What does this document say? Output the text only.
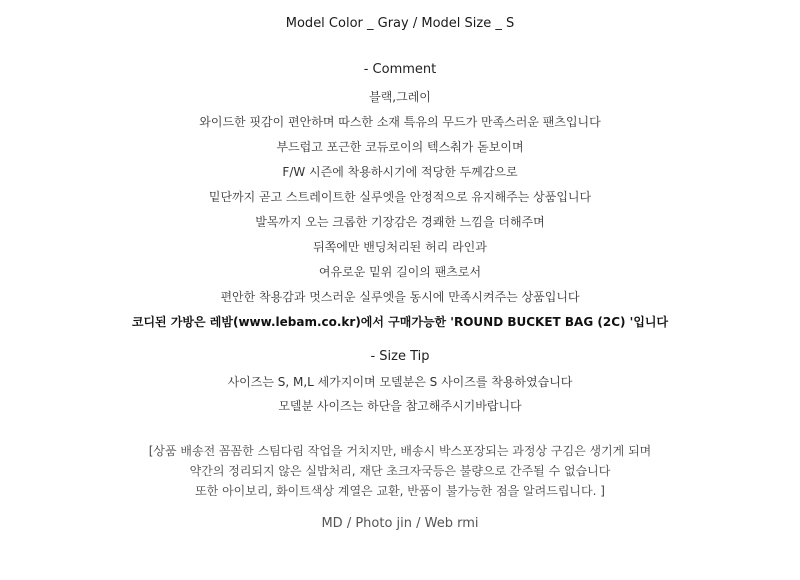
Model Color _ Gray / Model Size _ S
- Comment
블랙,그레이
와이드한 핏감이 편안하며 따스한 소재 특유의 무드가 만족스러운 팬츠입니다
부드럽고 포근한 코듀로이의 텍스춰가 돋보이며
F/W 시즌에 착용하시기에 적당한 두께감으로
밑단까지 곧고 스트레이트한 실루엣을 안정적으로 유지해주는 상품입니다
발목까지 오는 크롭한 기장감은 경쾌한 느낌을 더해주며
뒤쪽에만 밴딩처리된 허리 라인과
여유로운 밑위 길이의 팬츠로서
편안한 착용감과 멋스러운 실루엣을 동시에 만족시켜주는 상품입니다
코디된 가방은 레밤(www.lebam.co.kr)에서 구매가능한 'ROUND BUCKET BAG (2C) '입니다
- Size Tip
사이즈는 S, M,L 세가지이며 모델분은 S 사이즈를 착용하였습니다
모델분 사이즈는 하단을 참고해주시기바랍니다
[상품 배송전 꼼꼼한 스팀다림 작업을 거치지만, 배송시 박스포장되는 과정상 구김은 생기게 되며
약간의 정리되지 않은 실밥처리, 재단 초크자국등은 불량으로 간주될 수 없습니다
또한 아이보리, 화이트색상 계열은 교환, 반품이 불가능한 점을 알려드립니다. ]
MD / Photo jin / Web rmi
